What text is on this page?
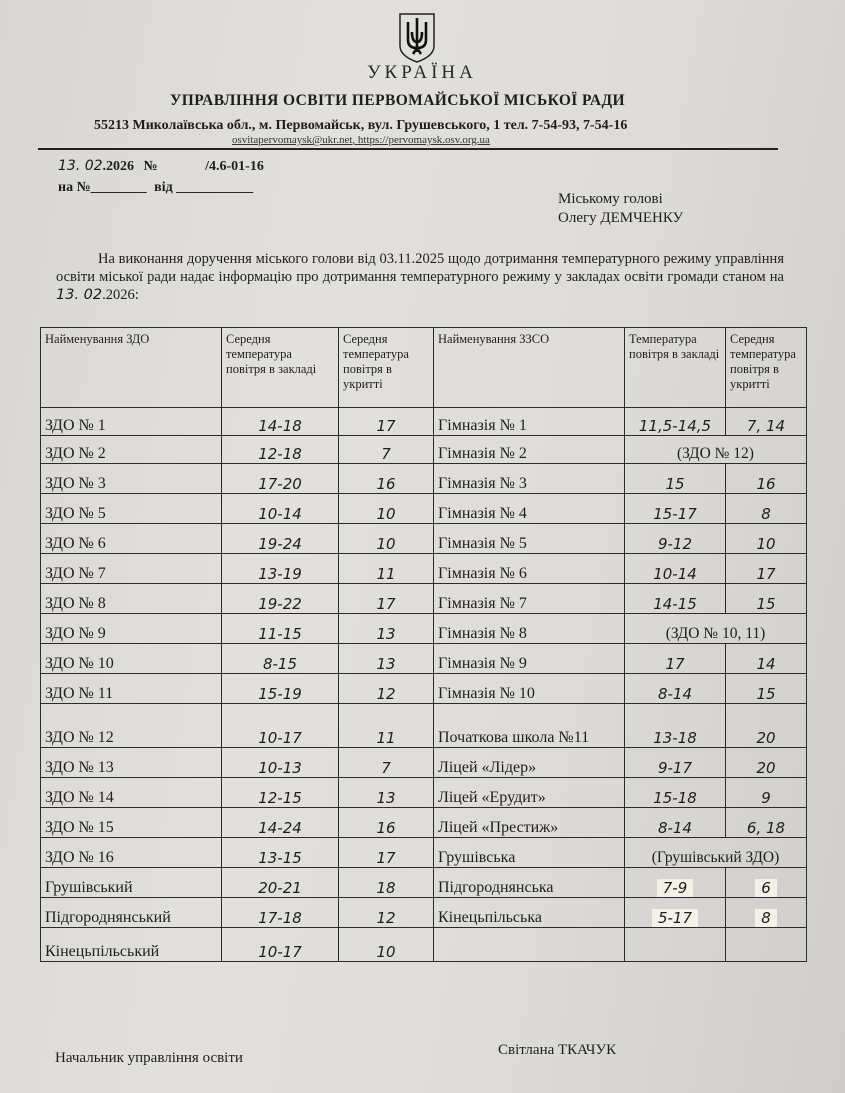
УКРАЇНА
УПРАВЛІННЯ ОСВІТИ ПЕРВОМАЙСЬКОЇ МІСЬКОЇ РАДИ
55213 Миколаївська обл., м. Первомайськ, вул. Грушевського, 1 тел. 7-54-93, 7-54-16
osvitapervomaysk@ukr.net, https://pervomaysk.osv.org.ua
13. 02.2026 №	/4.6-01-16
на №________ від ___________
Міському голові
Олегу ДЕМЧЕНКУ
На виконання доручення міського голови від 03.11.2025 щодо дотримання температурного режиму управління освіти міської ради надає інформацію про дотримання температурного режиму у закладах освіти громади станом на 13. 02.2026:
Найменування ЗДО	Середня температура повітря в закладі	Середня температура повітря в укритті	Найменування ЗЗСО	Температура повітря в закладі	Середня температура повітря в укритті
ЗДО № 1	14-18	17	Гімназія № 1	11,5-14,5	7, 14
ЗДО № 2	12-18	7	Гімназія № 2	(ЗДО № 12)	
ЗДО № 3	17-20	16	Гімназія № 3	15	16
ЗДО № 5	10-14	10	Гімназія № 4	15-17	8
ЗДО № 6	19-24	10	Гімназія № 5	9-12	10
ЗДО № 7	13-19	11	Гімназія № 6	10-14	17
ЗДО № 8	19-22	17	Гімназія № 7	14-15	15
ЗДО № 9	11-15	13	Гімназія № 8	(ЗДО № 10, 11)	
ЗДО № 10	8-15	13	Гімназія № 9	17	14
ЗДО № 11	15-19	12	Гімназія № 10	8-14	15
ЗДО № 12	10-17	11	Початкова школа №11	13-18	20
ЗДО № 13	10-13	7	Ліцей «Лідер»	9-17	20
ЗДО № 14	12-15	13	Ліцей «Ерудит»	15-18	9
ЗДО № 15	14-24	16	Ліцей «Престиж»	8-14	6, 18
ЗДО № 16	13-15	17	Грушівська	(Грушівський ЗДО)	
Грушівський	20-21	18	Підгороднянська	7-9	6
Підгороднянський	17-18	12	Кінецьпільська	5-17	8
Кінецьпільський	10-17	10			
Начальник управління освіти	Світлана ТКАЧУК
